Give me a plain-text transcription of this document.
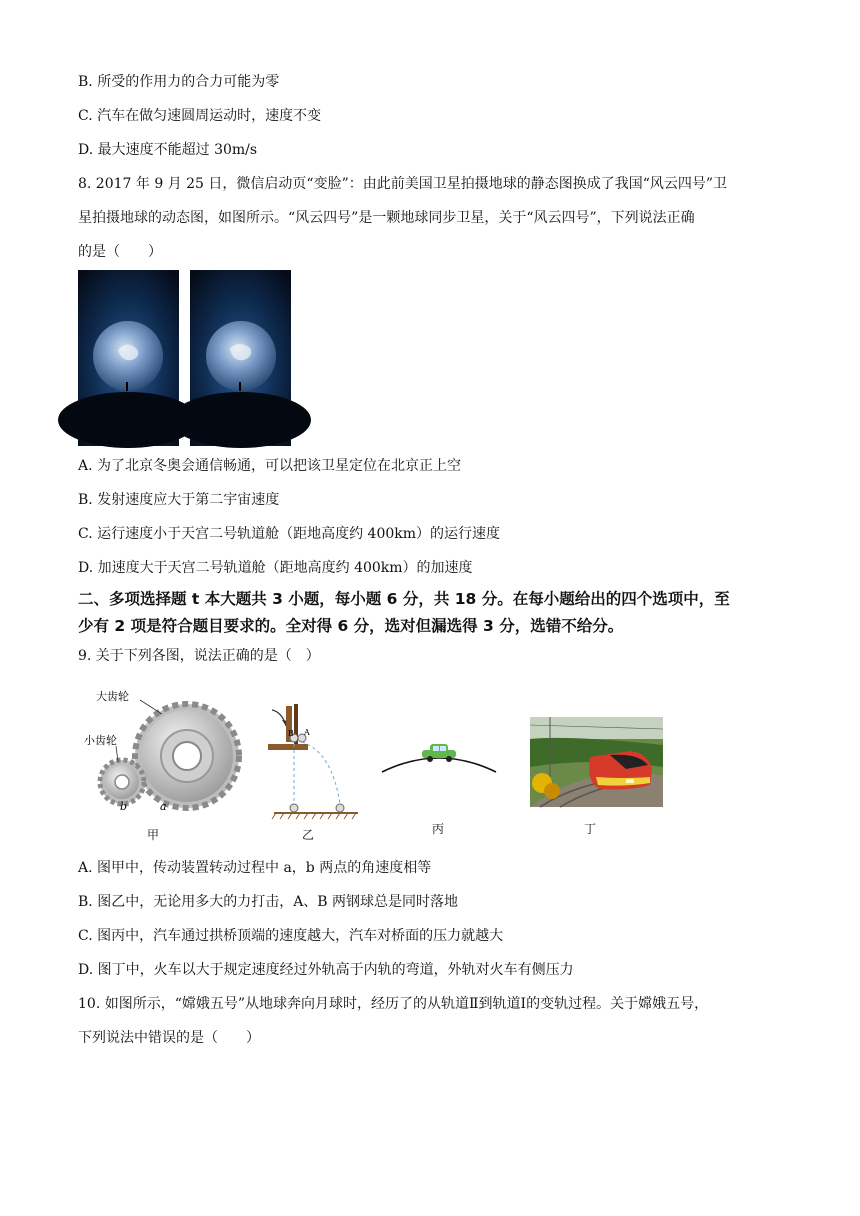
B. 所受的作用力的合力可能为零
C. 汽车在做匀速圆周运动时，速度不变
D. 最大速度不能超过 30m/s
8. 2017 年 9 月 25 日，微信启动页“变脸”：由此前美国卫星拍摄地球的静态图换成了我国“风云四号”卫
星拍摄地球的动态图，如图所示。“风云四号”是一颗地球同步卫星，关于“风云四号”，下列说法正确
的是（　　）
A. 为了北京冬奥会通信畅通，可以把该卫星定位在北京正上空
B. 发射速度应大于第二宇宙速度
C. 运行速度小于天宫二号轨道舱（距地高度约 400km）的运行速度
D. 加速度大于天宫二号轨道舱（距地高度约 400km）的加速度
二、多项选择题 t 本大题共 3 小题，每小题 6 分，共 18 分。在每小题给出的四个选项中，至
少有 2 项是符合题目要求的。全对得 6 分，选对但漏选得 3 分，选错不给分。
9. 关于下列各图，说法正确的是（　）
大齿轮
小齿轮
a
b
甲
B A
乙	丙	丁
A. 图甲中，传动装置转动过程中 a，b 两点的角速度相等
B. 图乙中，无论用多大的力打击，A、B 两钢球总是同时落地
C. 图丙中，汽车通过拱桥顶端的速度越大，汽车对桥面的压力就越大
D. 图丁中，火车以大于规定速度经过外轨高于内轨的弯道，外轨对火车有侧压力
10. 如图所示，“嫦娥五号”从地球奔向月球时，经历了的从轨道Ⅱ到轨道Ⅰ的变轨过程。关于嫦娥五号，
下列说法中错误的是（　　）
